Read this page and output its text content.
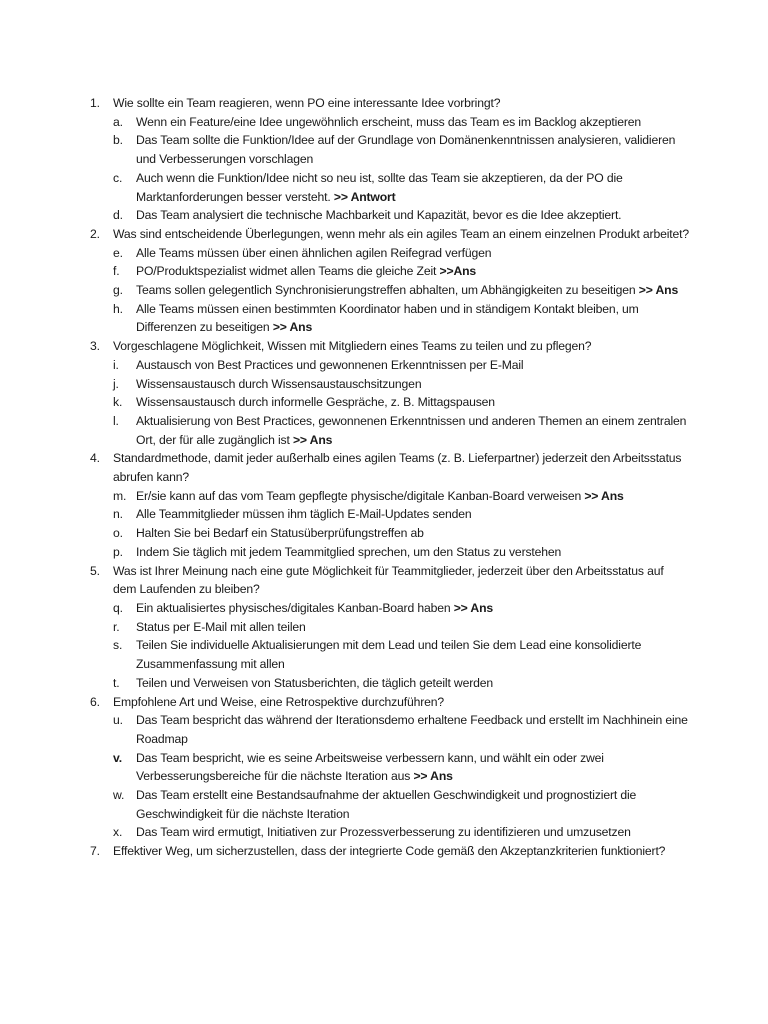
1.	Wie sollte ein Team reagieren, wenn PO eine interessante Idee vorbringt?
a.	Wenn ein Feature/eine Idee ungewöhnlich erscheint, muss das Team es im Backlog akzeptieren
b.	Das Team sollte die Funktion/Idee auf der Grundlage von Domänenkenntnissen analysieren, validieren und Verbesserungen vorschlagen
c.	Auch wenn die Funktion/Idee nicht so neu ist, sollte das Team sie akzeptieren, da der PO die Marktanforderungen besser versteht. >> Antwort
d.	Das Team analysiert die technische Machbarkeit und Kapazität, bevor es die Idee akzeptiert.
2.	Was sind entscheidende Überlegungen, wenn mehr als ein agiles Team an einem einzelnen Produkt arbeitet?
e.	Alle Teams müssen über einen ähnlichen agilen Reifegrad verfügen
f.	PO/Produktspezialist widmet allen Teams die gleiche Zeit >>Ans
g.	Teams sollen gelegentlich Synchronisierungstreffen abhalten, um Abhängigkeiten zu beseitigen >> Ans
h.	Alle Teams müssen einen bestimmten Koordinator haben und in ständigem Kontakt bleiben, um Differenzen zu beseitigen >> Ans
3.	Vorgeschlagene Möglichkeit, Wissen mit Mitgliedern eines Teams zu teilen und zu pflegen?
i.	Austausch von Best Practices und gewonnenen Erkenntnissen per E-Mail
j.	Wissensaustausch durch Wissensaustauschsitzungen
k.	Wissensaustausch durch informelle Gespräche, z. B. Mittagspausen
l.	Aktualisierung von Best Practices, gewonnenen Erkenntnissen und anderen Themen an einem zentralen Ort, der für alle zugänglich ist >> Ans
4.	Standardmethode, damit jeder außerhalb eines agilen Teams (z. B. Lieferpartner) jederzeit den Arbeitsstatus abrufen kann?
m. Er/sie kann auf das vom Team gepflegte physische/digitale Kanban-Board verweisen >> Ans
n.	Alle Teammitglieder müssen ihm täglich E-Mail-Updates senden
o.	Halten Sie bei Bedarf ein Statusüberprüfungstreffen ab
p.	Indem Sie täglich mit jedem Teammitglied sprechen, um den Status zu verstehen
5.	Was ist Ihrer Meinung nach eine gute Möglichkeit für Teammitglieder, jederzeit über den Arbeitsstatus auf dem Laufenden zu bleiben?
q.	Ein aktualisiertes physisches/digitales Kanban-Board haben >> Ans
r.	Status per E-Mail mit allen teilen
s.	Teilen Sie individuelle Aktualisierungen mit dem Lead und teilen Sie dem Lead eine konsolidierte Zusammenfassung mit allen
t.	Teilen und Verweisen von Statusberichten, die täglich geteilt werden
6.	Empfohlene Art und Weise, eine Retrospektive durchzuführen?
u.	Das Team bespricht das während der Iterationsdemo erhaltene Feedback und erstellt im Nachhinein eine Roadmap
v.	Das Team bespricht, wie es seine Arbeitsweise verbessern kann, und wählt ein oder zwei Verbesserungsbereiche für die nächste Iteration aus >> Ans
w. Das Team erstellt eine Bestandsaufnahme der aktuellen Geschwindigkeit und prognostiziert die Geschwindigkeit für die nächste Iteration
x.	Das Team wird ermutigt, Initiativen zur Prozessverbesserung zu identifizieren und umzusetzen
7.	Effektiver Weg, um sicherzustellen, dass der integrierte Code gemäß den Akzeptanzkriterien funktioniert?
